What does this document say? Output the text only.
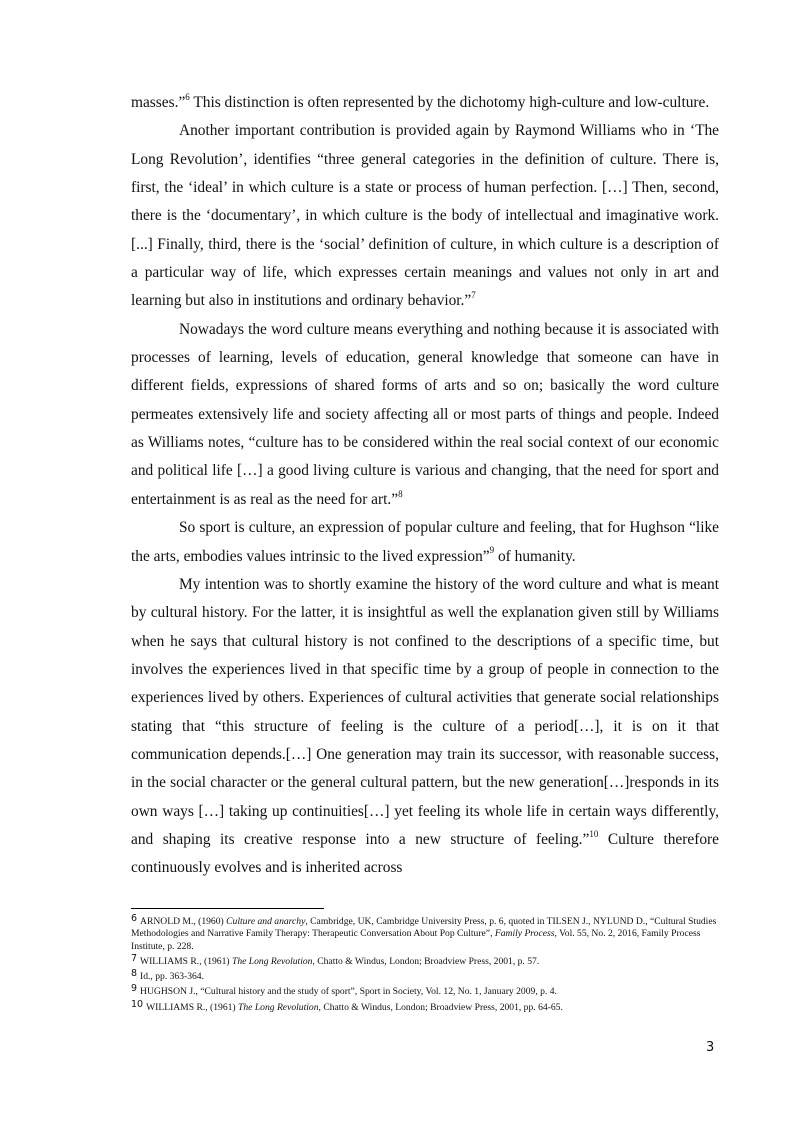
masses.”$^6$ This distinction is often represented by the dichotomy high-culture and low-culture.

Another important contribution is provided again by Raymond Williams who in ‘The Long Revolution’, identifies “three general categories in the definition of culture. There is, first, the ‘ideal’ in which culture is a state or process of human perfection. […] Then, second, there is the ‘documentary’, in which culture is the body of intellectual and imaginative work. [...] Finally, third, there is the ‘social’ definition of culture, in which culture is a description of a particular way of life, which expresses certain meanings and values not only in art and learning but also in institutions and ordinary behavior.”$^7$

Nowadays the word culture means everything and nothing because it is associated with processes of learning, levels of education, general knowledge that someone can have in different fields, expressions of shared forms of arts and so on; basically the word culture permeates extensively life and society affecting all or most parts of things and people. Indeed as Williams notes, “culture has to be considered within the real social context of our economic and political life […] a good living culture is various and changing, that the need for sport and entertainment is as real as the need for art.”$^8$

So sport is culture, an expression of popular culture and feeling, that for Hughson “like the arts, embodies values intrinsic to the lived expression”$^9$ of humanity.

My intention was to shortly examine the history of the word culture and what is meant by cultural history. For the latter, it is insightful as well the explanation given still by Williams when he says that cultural history is not confined to the descriptions of a specific time, but involves the experiences lived in that specific time by a group of people in connection to the experiences lived by others. Experiences of cultural activities that generate social relationships stating that “this structure of feeling is the culture of a period[…], it is on it that communication depends.[…] One generation may train its successor, with reasonable success, in the social character or the general cultural pattern, but the new generation[…]responds in its own ways […] taking up continuities[…] yet feeling its whole life in certain ways differently, and shaping its creative response into a new structure of feeling.”$^{10}$ Culture therefore continuously evolves and is inherited across

6 ARNOLD M., (1960) Culture and anarchy, Cambridge, UK, Cambridge University Press, p. 6, quoted in TILSEN J., NYLUND D., “Cultural Studies Methodologies and Narrative Family Therapy: Therapeutic Conversation About Pop Culture”, Family Process, Vol. 55, No. 2, 2016, Family Process Institute, p. 228.
7 WILLIAMS R., (1961) The Long Revolution, Chatto & Windus, London; Broadview Press, 2001, p. 57.
8 Id., pp. 363-364.
9 HUGHSON J., “Cultural history and the study of sport”, Sport in Society, Vol. 12, No. 1, January 2009, p. 4.
10 WILLIAMS R., (1961) The Long Revolution, Chatto & Windus, London; Broadview Press, 2001, pp. 64-65.
3
